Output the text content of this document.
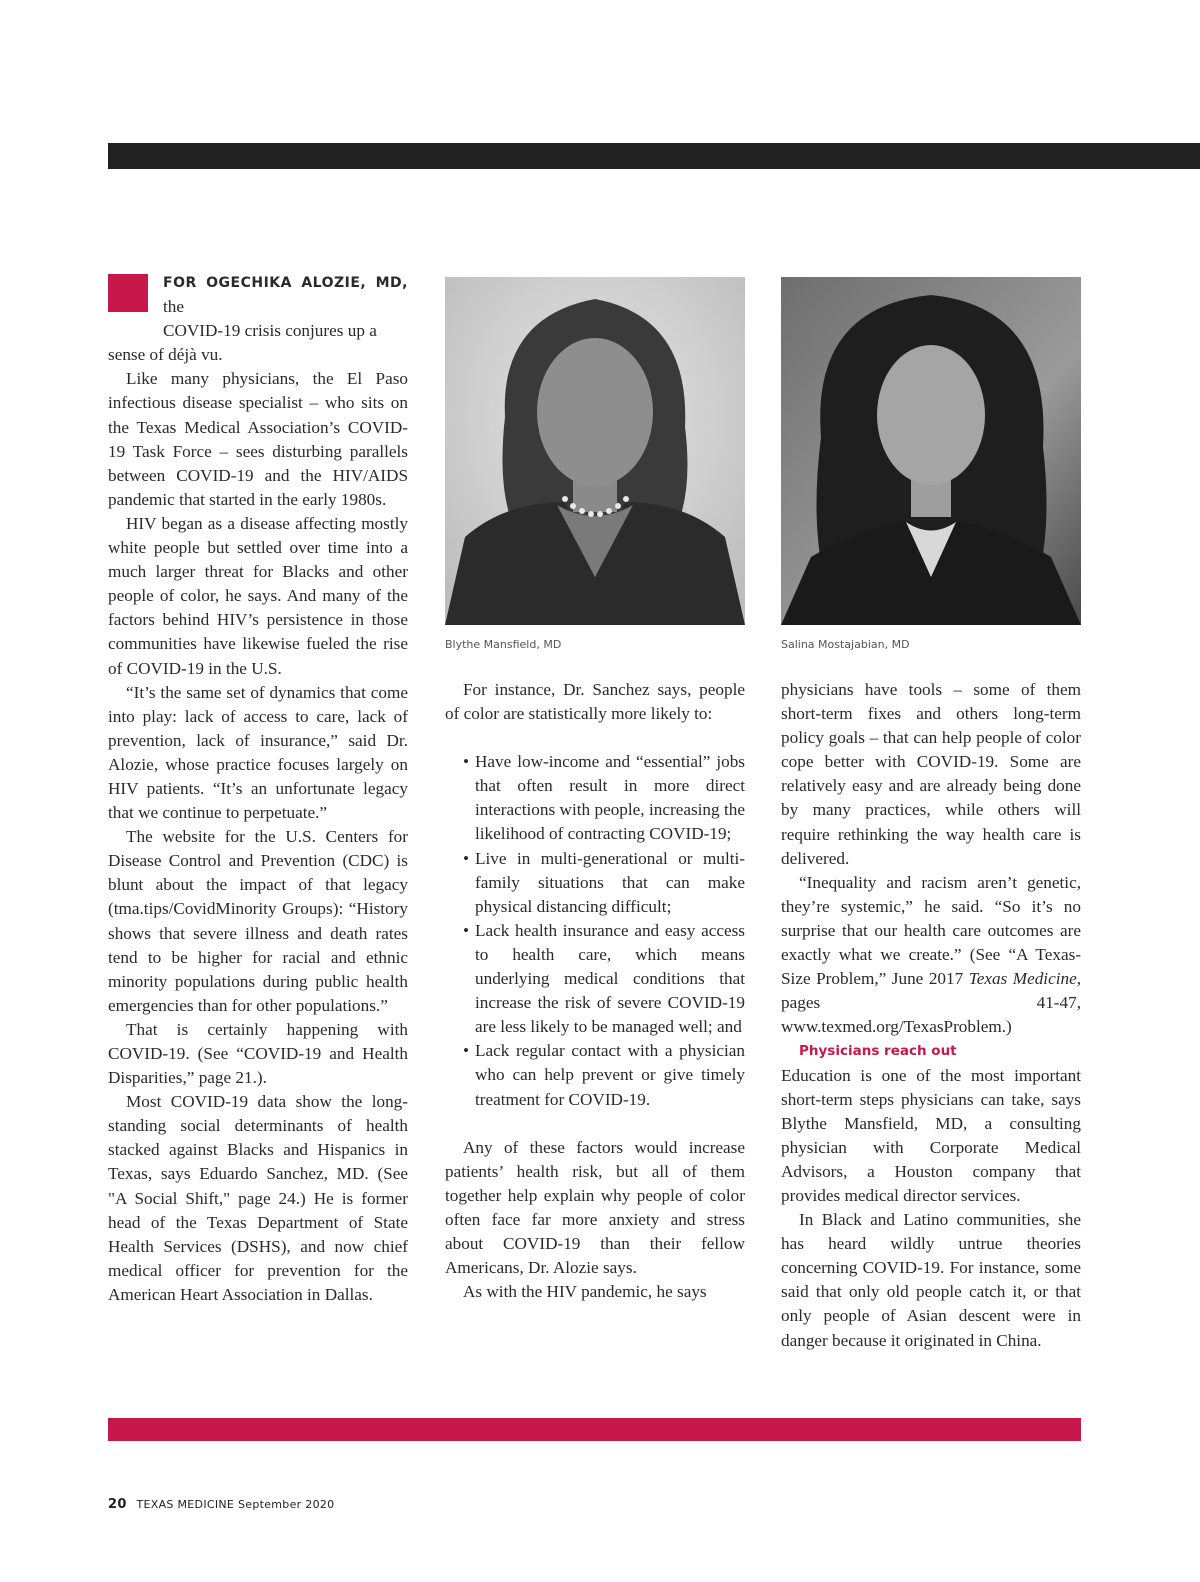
FOR OGECHIKA ALOZIE, MD, the
COVID-19 crisis conjures up a
sense of déjà vu.

Like many physicians, the El Paso infectious disease specialist – who sits on the Texas Medical Association’s COVID-19 Task Force – sees disturbing parallels between COVID-19 and the HIV/AIDS pandemic that started in the early 1980s.

HIV began as a disease affecting mostly white people but settled over time into a much larger threat for Blacks and other people of color, he says. And many of the factors behind HIV’s persistence in those communities have likewise fueled the rise of COVID-19 in the U.S.

“It’s the same set of dynamics that come into play: lack of access to care, lack of prevention, lack of insurance,” said Dr. Alozie, whose practice focuses largely on HIV patients. “It’s an unfortunate legacy that we continue to perpetuate.”

The website for the U.S. Centers for Disease Control and Prevention (CDC) is blunt about the impact of that legacy (tma.tips/CovidMinority Groups): “History shows that severe illness and death rates tend to be higher for racial and ethnic minority populations during public health emergencies than for other populations.”

That is certainly happening with COVID-19. (See “COVID-19 and Health Disparities,” page 21.).

Most COVID-19 data show the long-standing social determinants of health stacked against Blacks and Hispanics in Texas, says Eduardo Sanchez, MD. (See "A Social Shift," page 24.) He is former head of the Texas Department of State Health Services (DSHS), and now chief medical officer for prevention for the American Heart Association in Dallas.

Blythe Mansfield, MD	Salina Mostajabian, MD

For instance, Dr. Sanchez says, people of color are statistically more likely to:

• Have low-income and “essential” jobs that often result in more direct interactions with people, increasing the likelihood of contracting COVID-19;
• Live in multi-generational or multi-family situations that can make physical distancing difficult;
• Lack health insurance and easy access to health care, which means underlying medical conditions that increase the risk of severe COVID-19 are less likely to be managed well; and
• Lack regular contact with a physician who can help prevent or give timely treatment for COVID-19.

Any of these factors would increase patients’ health risk, but all of them together help explain why people of color often face far more anxiety and stress about COVID-19 than their fellow Americans, Dr. Alozie says.

As with the HIV pandemic, he says

physicians have tools – some of them short-term fixes and others long-term policy goals – that can help people of color cope better with COVID-19. Some are relatively easy and are already being done by many practices, while others will require rethinking the way health care is delivered.

“Inequality and racism aren’t genetic, they’re systemic,” he said. “So it’s no surprise that our health care outcomes are exactly what we create.” (See “A Texas-Size Problem,” June 2017 Texas Medicine, pages 41-47, www.texmed.org/TexasProblem.)

Physicians reach out

Education is one of the most important short-term steps physicians can take, says Blythe Mansfield, MD, a consulting physician with Corporate Medical Advisors, a Houston company that provides medical director services.

In Black and Latino communities, she has heard wildly untrue theories concerning COVID-19. For instance, some said that only old people catch it, or that only people of Asian descent were in danger because it originated in China.

20 TEXAS MEDICINE September 2020
